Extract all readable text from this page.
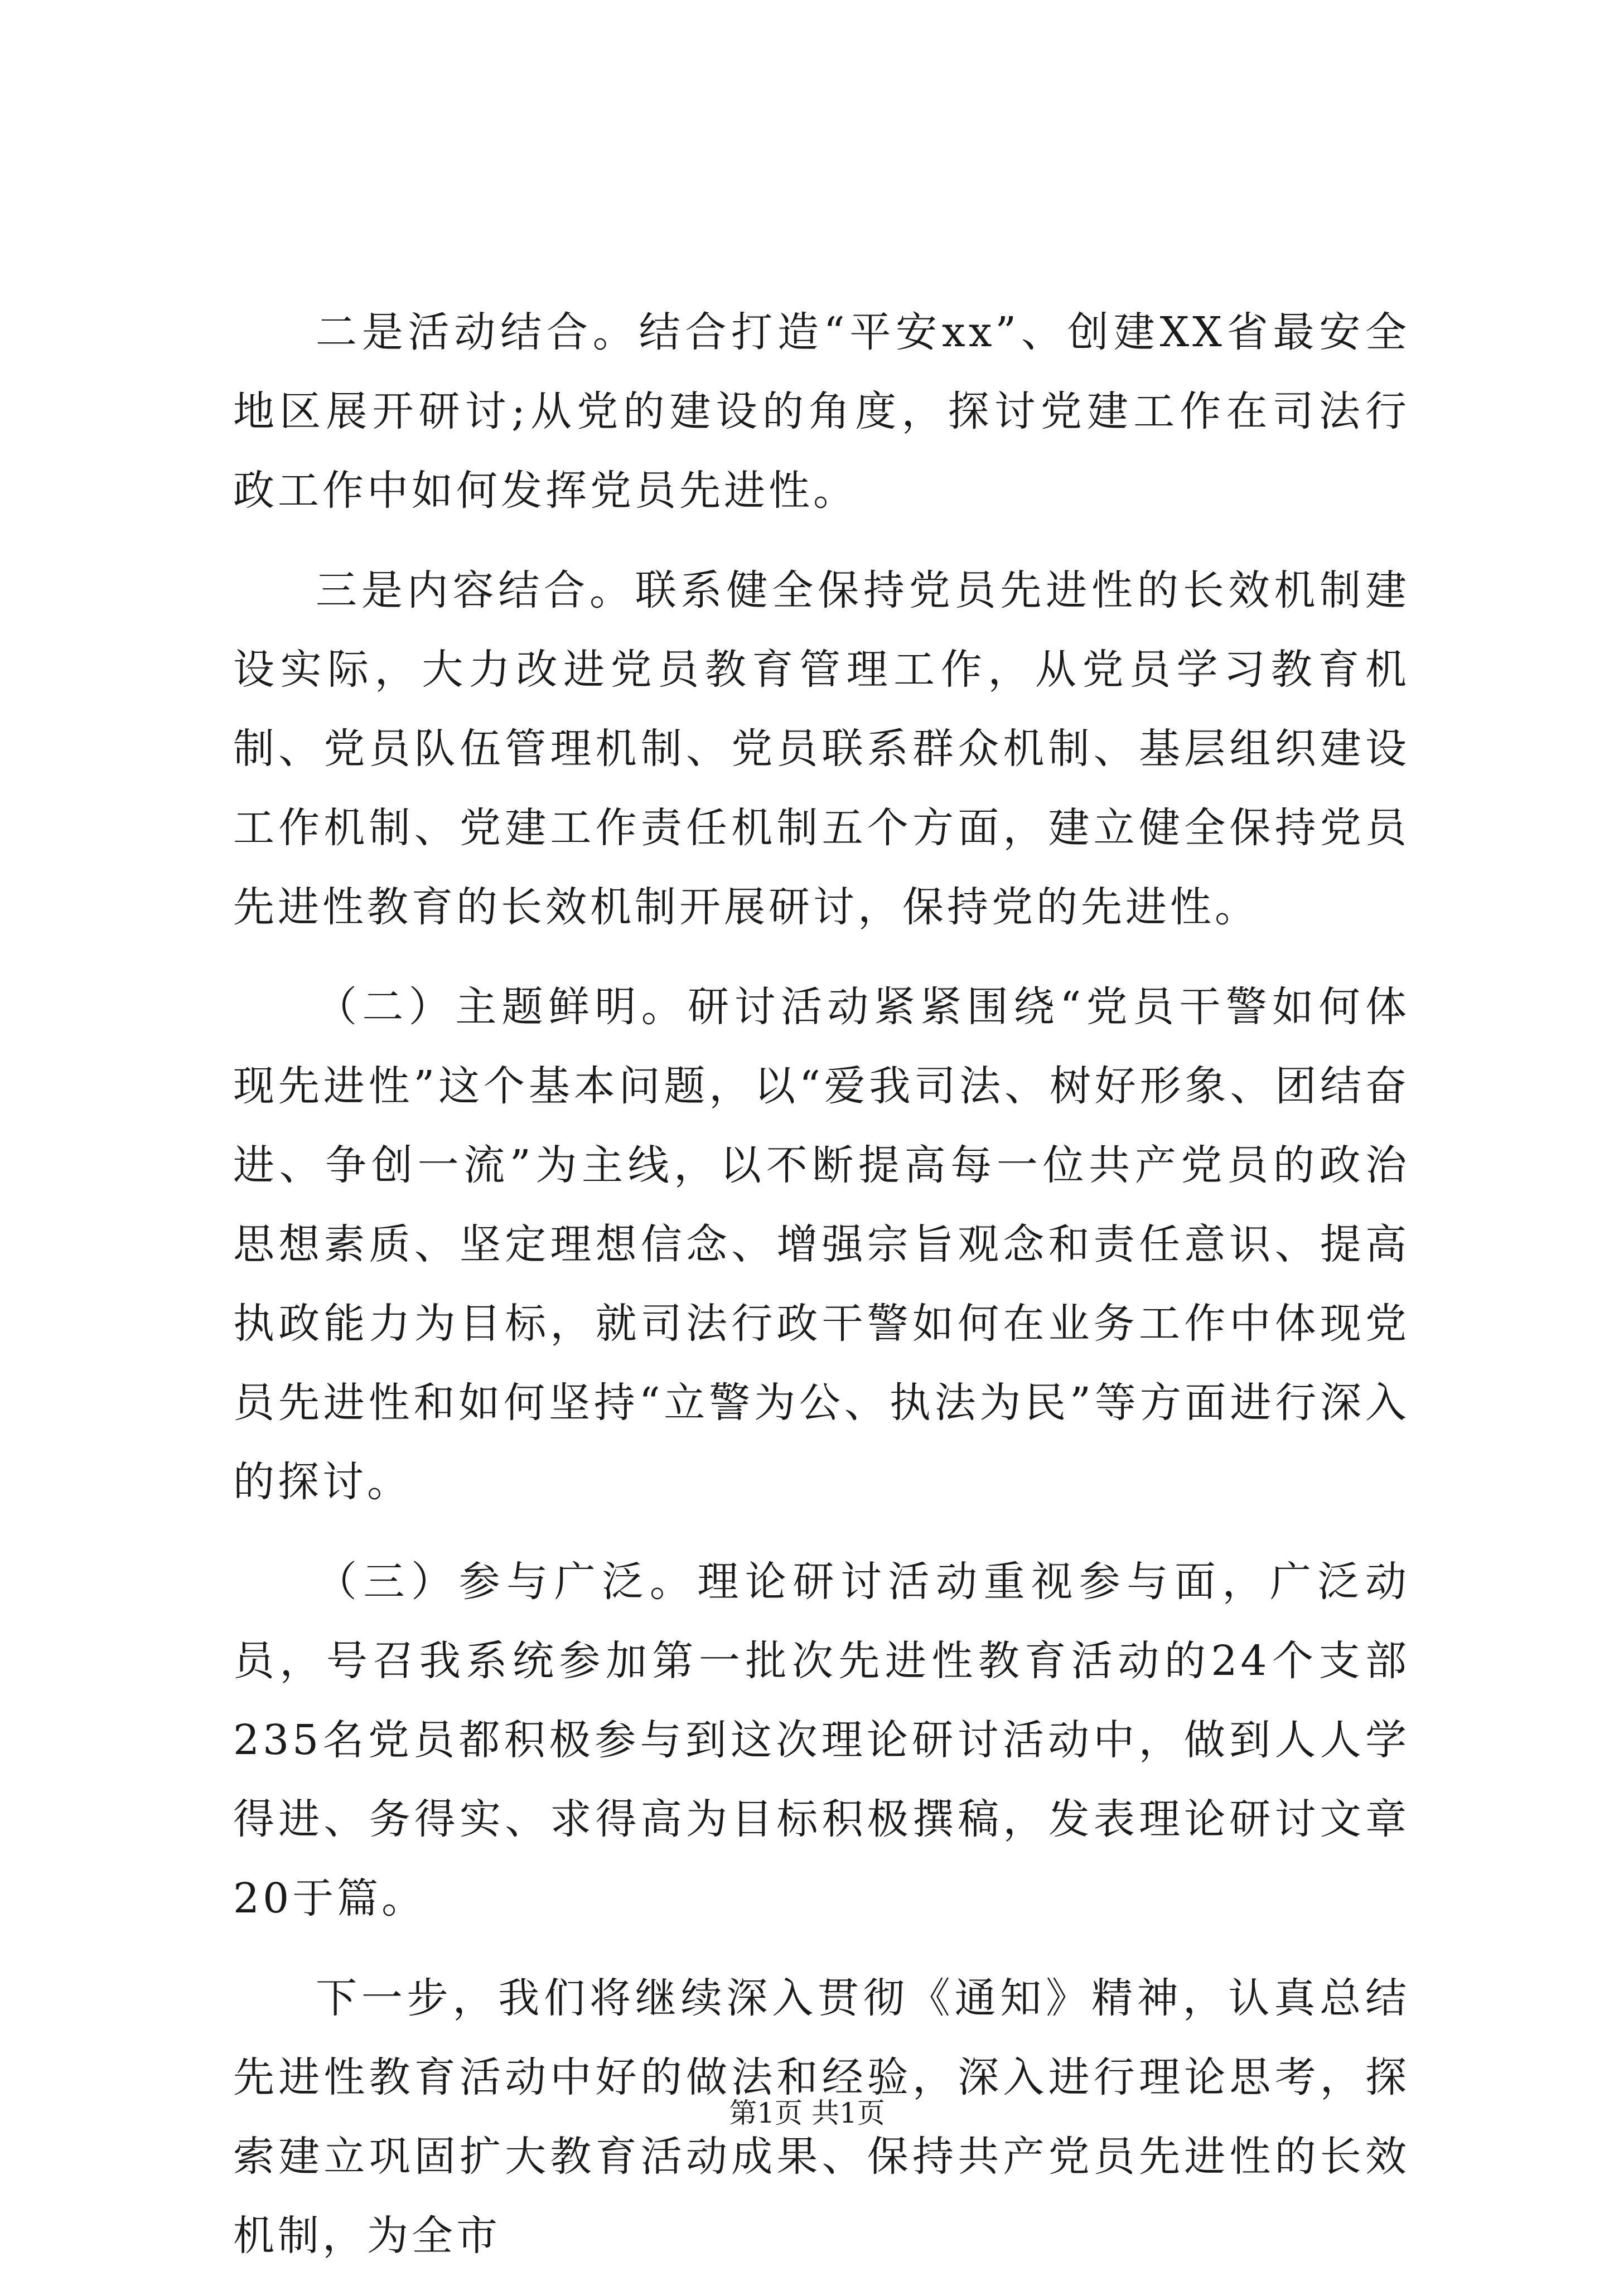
二是活动结合。结合打造“平安xx”、创建XX省最安全地区展开研讨;从党的建设的角度，探讨党建工作在司法行政工作中如何发挥党员先进性。

三是内容结合。联系健全保持党员先进性的长效机制建设实际，大力改进党员教育管理工作，从党员学习教育机制、党员队伍管理机制、党员联系群众机制、基层组织建设工作机制、党建工作责任机制五个方面，建立健全保持党员先进性教育的长效机制开展研讨，保持党的先进性。

（二）主题鲜明。研讨活动紧紧围绕“党员干警如何体现先进性”这个基本问题，以“爱我司法、树好形象、团结奋进、争创一流”为主线，以不断提高每一位共产党员的政治思想素质、坚定理想信念、增强宗旨观念和责任意识、提高执政能力为目标，就司法行政干警如何在业务工作中体现党员先进性和如何坚持“立警为公、执法为民”等方面进行深入的探讨。

（三）参与广泛。理论研讨活动重视参与面，广泛动员，号召我系统参加第一批次先进性教育活动的24个支部235名党员都积极参与到这次理论研讨活动中，做到人人学得进、务得实、求得高为目标积极撰稿，发表理论研讨文章20于篇。

下一步，我们将继续深入贯彻《通知》精神，认真总结先进性教育活动中好的做法和经验，深入进行理论思考，探索建立巩固扩大教育活动成果、保持共产党员先进性的长效机制，为全市

第1页 共1页
